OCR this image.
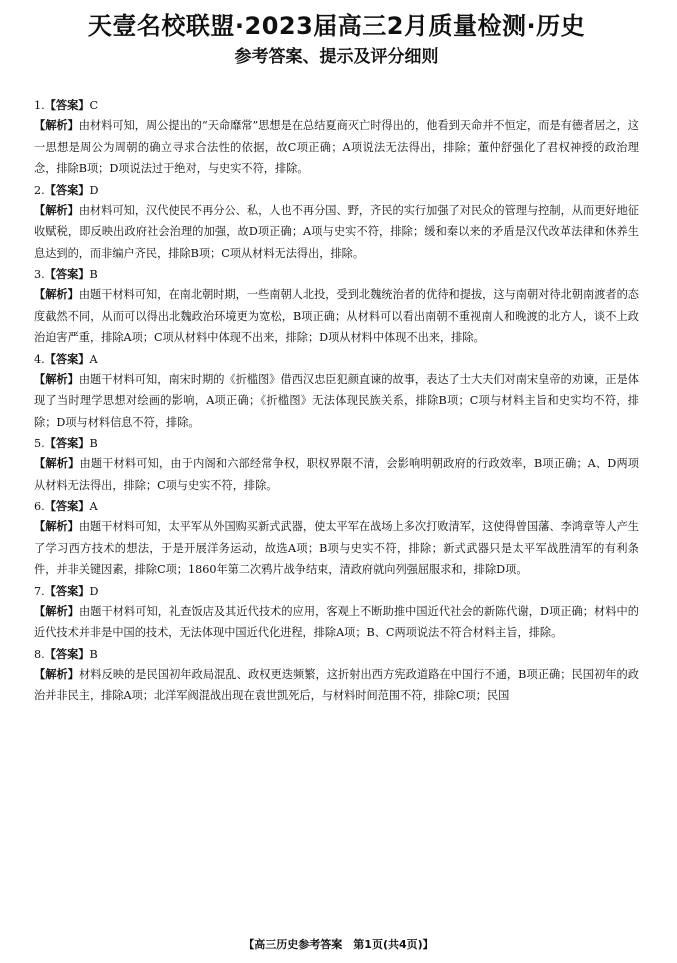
天壹名校联盟·2023届高三2月质量检测·历史
参考答案、提示及评分细则
1.【答案】C
【解析】由材料可知，周公提出的“天命靡常”思想是在总结夏商灭亡时得出的，他看到天命并不恒定，而是有德者居之，这一思想是周公为周朝的确立寻求合法性的依据，故C项正确；A项说法无法得出，排除；董仲舒强化了君权神授的政治理念，排除B项；D项说法过于绝对，与史实不符，排除。
2.【答案】D
【解析】由材料可知，汉代使民不再分公、私，人也不再分国、野，齐民的实行加强了对民众的管理与控制，从而更好地征收赋税，即反映出政府社会治理的加强，故D项正确；A项与史实不符，排除；缓和秦以来的矛盾是汉代改革法律和休养生息达到的，而非编户齐民，排除B项；C项从材料无法得出，排除。
3.【答案】B
【解析】由题干材料可知，在南北朝时期，一些南朝人北投，受到北魏统治者的优待和提拔，这与南朝对待北朝南渡者的态度截然不同，从而可以得出北魏政治环境更为宽松，B项正确；从材料可以看出南朝不重视南人和晚渡的北方人，谈不上政治迫害严重，排除A项；C项从材料中体现不出来，排除；D项从材料中体现不出来，排除。
4.【答案】A
【解析】由题干材料可知，南宋时期的《折槛图》借西汉忠臣犯颜直谏的故事，表达了士大夫们对南宋皇帝的劝谏，正是体现了当时理学思想对绘画的影响，A项正确；《折槛图》无法体现民族关系，排除B项；C项与材料主旨和史实均不符，排除；D项与材料信息不符，排除。
5.【答案】B
【解析】由题干材料可知，由于内阁和六部经常争权，职权界限不清，会影响明朝政府的行政效率，B项正确；A、D两项从材料无法得出，排除；C项与史实不符，排除。
6.【答案】A
【解析】由题干材料可知，太平军从外国购买新式武器，使太平军在战场上多次打败清军，这使得曾国藩、李鸿章等人产生了学习西方技术的想法，于是开展洋务运动，故选A项；B项与史实不符，排除；新式武器只是太平军战胜清军的有利条件，并非关键因素，排除C项；1860年第二次鸦片战争结束，清政府就向列强屈服求和，排除D项。
7.【答案】D
【解析】由题干材料可知，礼查饭店及其近代技术的应用，客观上不断助推中国近代社会的新陈代谢，D项正确；材料中的近代技术并非是中国的技术，无法体现中国近代化进程，排除A项；B、C两项说法不符合材料主旨，排除。
8.【答案】B
【解析】材料反映的是民国初年政局混乱、政权更迭频繁，这折射出西方宪政道路在中国行不通，B项正确；民国初年的政治并非民主，排除A项；北洋军阀混战出现在袁世凯死后，与材料时间范围不符，排除C项；民国
【高三历史参考答案　第1页(共4页)】
